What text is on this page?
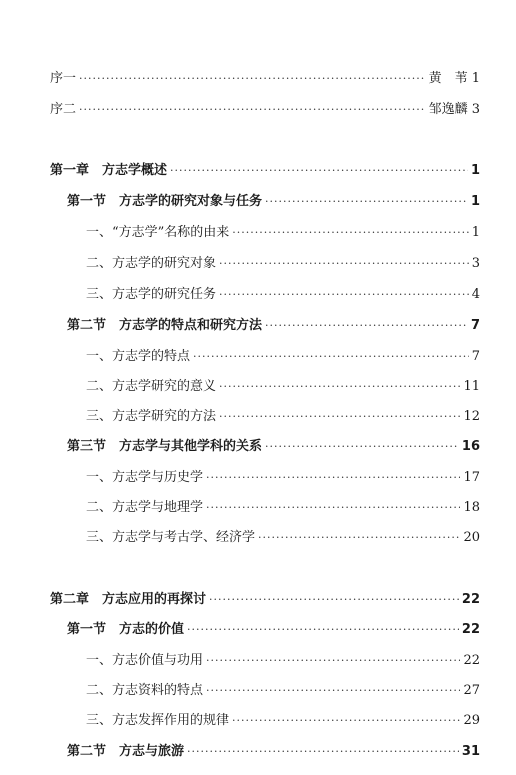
序一 ·····	黄　苇 1
序二 ·····	邹逸麟 3
第一章　方志学概述 ·····	1
第一节　方志学的研究对象与任务 ·····	1
一、“方志学”名称的由来 ·····	1
二、方志学的研究对象 ·····	3
三、方志学的研究任务 ·····	4
第二节　方志学的特点和研究方法 ·····	7
一、方志学的特点 ·····	7
二、方志学研究的意义 ·····	11
三、方志学研究的方法 ·····	12
第三节　方志学与其他学科的关系 ·····	16
一、方志学与历史学 ·····	17
二、方志学与地理学 ·····	18
三、方志学与考古学、经济学 ·····	20
第二章　方志应用的再探讨 ·····	22
第一节　方志的价值 ·····	22
一、方志价值与功用 ·····	22
二、方志资料的特点 ·····	27
三、方志发挥作用的规律 ·····	29
第二节　方志与旅游 ·····	31
